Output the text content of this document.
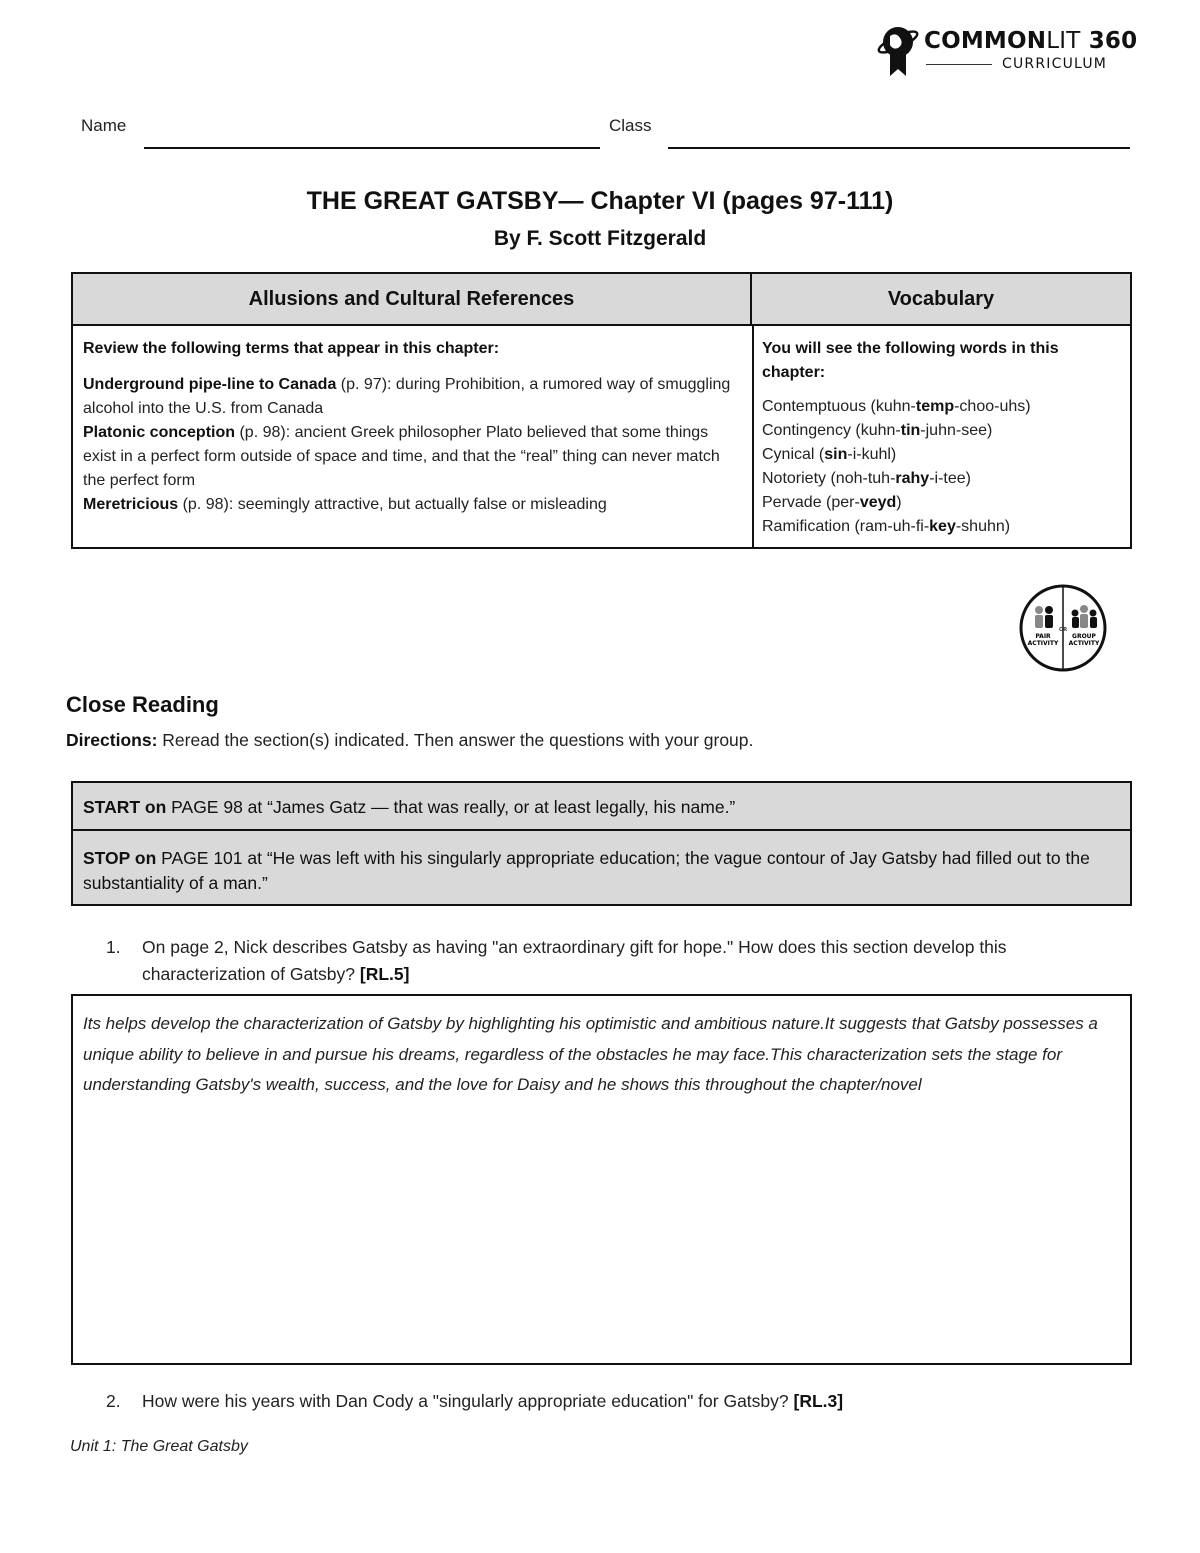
COMMONLIT 360
CURRICULUM
Name	Class
THE GREAT GATSBY— Chapter VI (pages 97-111)
By F. Scott Fitzgerald
Allusions and Cultural References	Vocabulary

Review the following terms that appear in this chapter:

Underground pipe-line to Canada (p. 97): during Prohibition, a rumored way of smuggling alcohol into the U.S. from Canada

Platonic conception (p. 98): ancient Greek philosopher Plato believed that some things exist in a perfect form outside of space and time, and that the “real” thing can never match the perfect form

Meretricious (p. 98): seemingly attractive, but actually false or misleading

You will see the following words in this chapter:

Contemptuous (kuhn-temp-choo-uhs)

Contingency (kuhn-tin-juhn-see)

Cynical (sin-i-kuhl)

Notoriety (noh-tuh-rahy-i-tee)

Pervade (per-veyd)

Ramification (ram-uh-fi-key-shuhn)

PAIR
ACTIVITY
OR
GROUP
ACTIVITY
Close Reading
Directions: Reread the section(s) indicated. Then answer the questions with your group.
START on PAGE 98 at “James Gatz — that was really, or at least legally, his name.”
STOP on PAGE 101 at “He was left with his singularly appropriate education; the vague contour of Jay Gatsby had filled out to the substantiality of a man.”
1. On page 2, Nick describes Gatsby as having "an extraordinary gift for hope." How does this section develop this characterization of Gatsby? [RL.5]
Its helps develop the characterization of Gatsby by highlighting his optimistic and ambitious nature.It suggests that Gatsby possesses a unique ability to believe in and pursue his dreams, regardless of the obstacles he may face.This characterization sets the stage for understanding Gatsby's wealth, success, and the love for Daisy and he shows this throughout the chapter/novel
2. How were his years with Dan Cody a "singularly appropriate education" for Gatsby? [RL.3]
Unit 1: The Great Gatsby
